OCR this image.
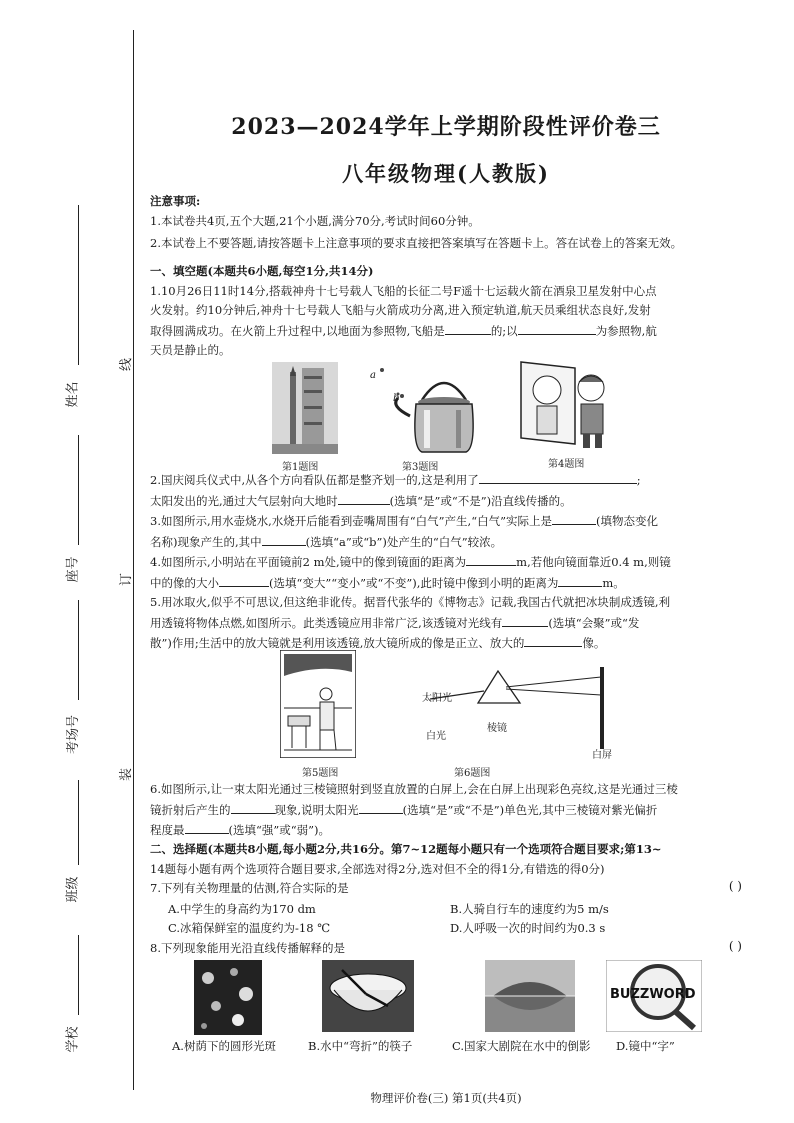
学校
班级
考场号
座号
姓名
线
订
装
2023—2024学年上学期阶段性评价卷三
八年级物理(人教版)
注意事项:
1.本试卷共4页,五个大题,21个小题,满分70分,考试时间60分钟。
2.本试卷上不要答题,请按答题卡上注意事项的要求直接把答案填写在答题卡上。答在试卷上的答案无效。
一、填空题(本题共6小题,每空1分,共14分)
1.10月26日11时14分,搭载神舟十七号载人飞船的长征二号F遥十七运载火箭在酒泉卫星发射中心点
火发射。约10分钟后,神舟十七号载人飞船与火箭成功分离,进入预定轨道,航天员乘组状态良好,发射
取得圆满成功。在火箭上升过程中,以地面为参照物,飞船是	的;以	为参照物,航
天员是静止的。
第1题图
a
b
第3题图	第4题图
2.国庆阅兵仪式中,从各个方向看队伍都是整齐划一的,这是利用了	;
太阳发出的光,通过大气层射向大地时	(选填“是”或“不是”)沿直线传播的。
3.如图所示,用水壶烧水,水烧开后能看到壶嘴周围有“白气”产生,“白气”实际上是	(填物态变化
名称)现象产生的,其中	(选填“a”或“b”)处产生的“白气”较浓。
4.如图所示,小明站在平面镜前2 m处,镜中的像到镜面的距离为	m,若他向镜面靠近0.4 m,则镜
中的像的大小	(选填“变大”“变小”或“不变”),此时镜中像到小明的距离为	m。
5.用冰取火,似乎不可思议,但这绝非讹传。据晋代张华的《博物志》记载,我国古代就把冰块制成透镜,利
用透镜将物体点燃,如图所示。此类透镜应用非常广泛,该透镜对光线有	(选填“会聚”或“发
散”)作用;生活中的放大镜就是利用该透镜,放大镜所成的像是正立、放大的	像。
第5题图
太阳光
白光
棱镜
白屏
第6题图
6.如图所示,让一束太阳光通过三棱镜照射到竖直放置的白屏上,会在白屏上出现彩色亮纹,这是光通过三棱
镜折射后产生的	现象,说明太阳光	(选填“是”或“不是”)单色光,其中三棱镜对紫光偏折
程度最	(选填“强”或“弱”)。
二、选择题(本题共8小题,每小题2分,共16分。第7~12题每小题只有一个选项符合题目要求;第13~
14题每小题有两个选项符合题目要求,全部选对得2分,选对但不全的得1分,有错选的得0分)
7.下列有关物理量的估测,符合实际的是	( )
A.中学生的身高约为170 dm	B.人骑自行车的速度约为5 m/s
C.冰箱保鲜室的温度约为-18 ℃	D.人呼吸一次的时间约为0.3 s
8.下列现象能用光沿直线传播解释的是	( )
BUZZWORD
A.树荫下的圆形光斑	B.水中“弯折”的筷子	C.国家大剧院在水中的倒影 D.镜中“字”
物理评价卷(三) 第1页(共4页)
